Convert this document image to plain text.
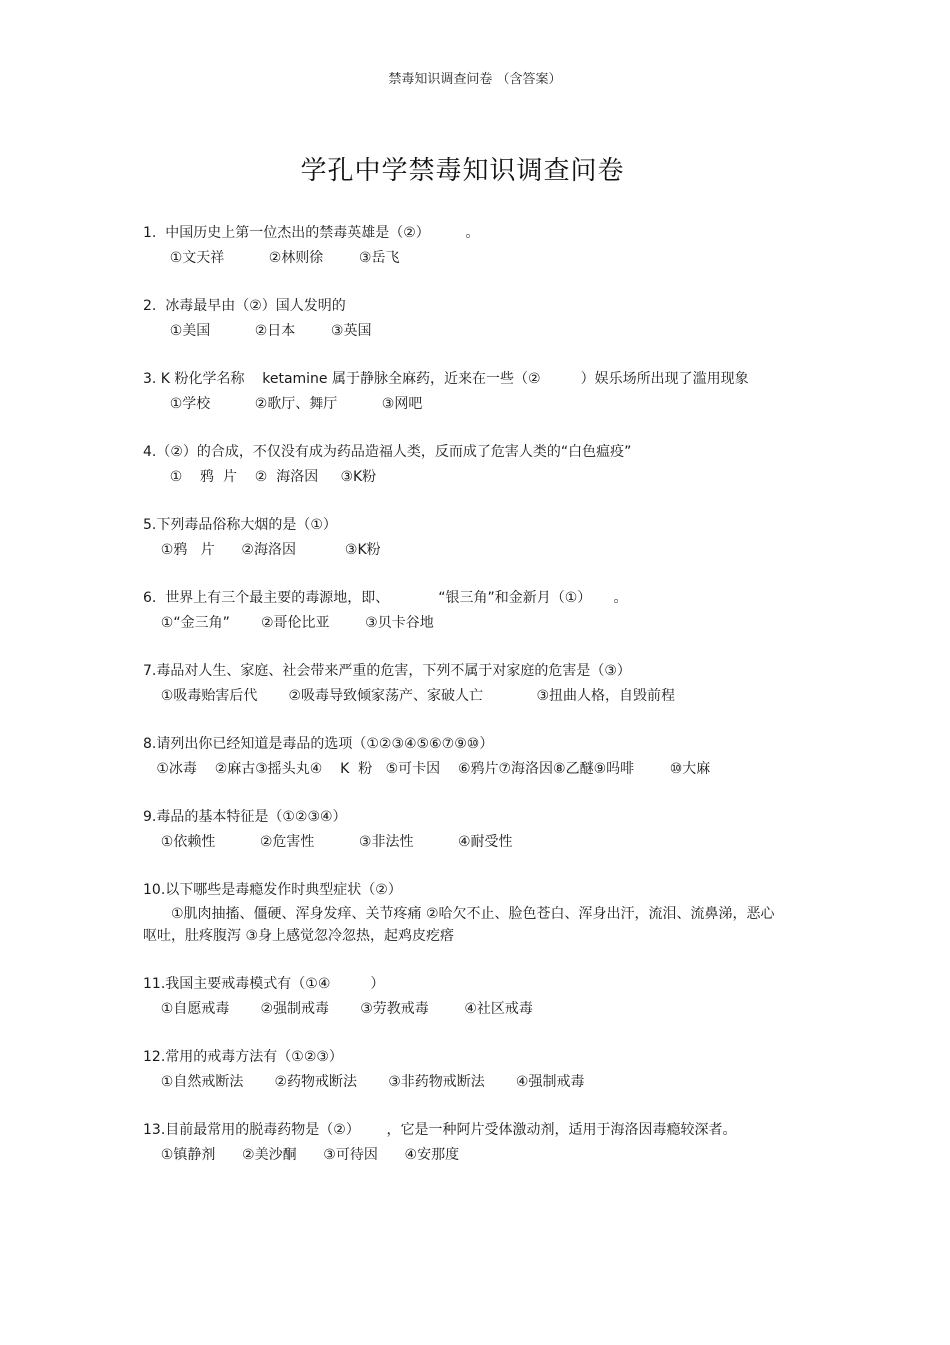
禁毒知识调查问卷 （含答案）
学孔中学禁毒知识调查问卷
1.  中国历史上第一位杰出的禁毒英雄是（②）        。
①文天祥          ②林则徐        ③岳飞
2.  冰毒最早由（②）国人发明的
①美国          ②日本        ③英国
3. K 粉化学名称    ketamine 属于静脉全麻药，近来在一些（②         ）娱乐场所出现了滥用现象
①学校          ②歌厅、舞厅          ③网吧
4.（②）的合成，不仅没有成为药品造福人类，反而成了危害人类的“白色瘟疫”
①    鸦  片    ②  海洛因     ③K粉
5.下列毒品俗称大烟的是（①）
①鸦   片      ②海洛因           ③K粉
6.  世界上有三个最主要的毒源地，即、           “银三角”和金新月（①）     。
①“金三角”       ②哥伦比亚        ③贝卡谷地
7.毒品对人生、家庭、社会带来严重的危害，下列不属于对家庭的危害是（③）
①吸毒贻害后代       ②吸毒导致倾家荡产、家破人亡            ③扭曲人格，自毁前程
8.请列出你已经知道是毒品的选项（①②③④⑤⑥⑦⑨⑩）
①冰毒    ②麻古③摇头丸④    K  粉   ⑤可卡因    ⑥鸦片⑦海洛因⑧乙醚⑨吗啡        ⑩大麻
9.毒品的基本特征是（①②③④）
①依赖性          ②危害性          ③非法性          ④耐受性
10.以下哪些是毒瘾发作时典型症状（②）
　　①肌肉抽搐、僵硬、浑身发痒、关节疼痛 ②哈欠不止、脸色苍白、浑身出汗，流泪、流鼻涕，恶心呕吐，肚疼腹泻 ③身上感觉忽冷忽热，起鸡皮疙瘩
11.我国主要戒毒模式有（①④         ）
①自愿戒毒       ②强制戒毒       ③劳教戒毒        ④社区戒毒
12.常用的戒毒方法有（①②③）
①自然戒断法       ②药物戒断法       ③非药物戒断法       ④强制戒毒
13.目前最常用的脱毒药物是（②）      ，它是一种阿片受体激动剂，适用于海洛因毒瘾较深者。
①镇静剂      ②美沙酮      ③可待因      ④安那度
